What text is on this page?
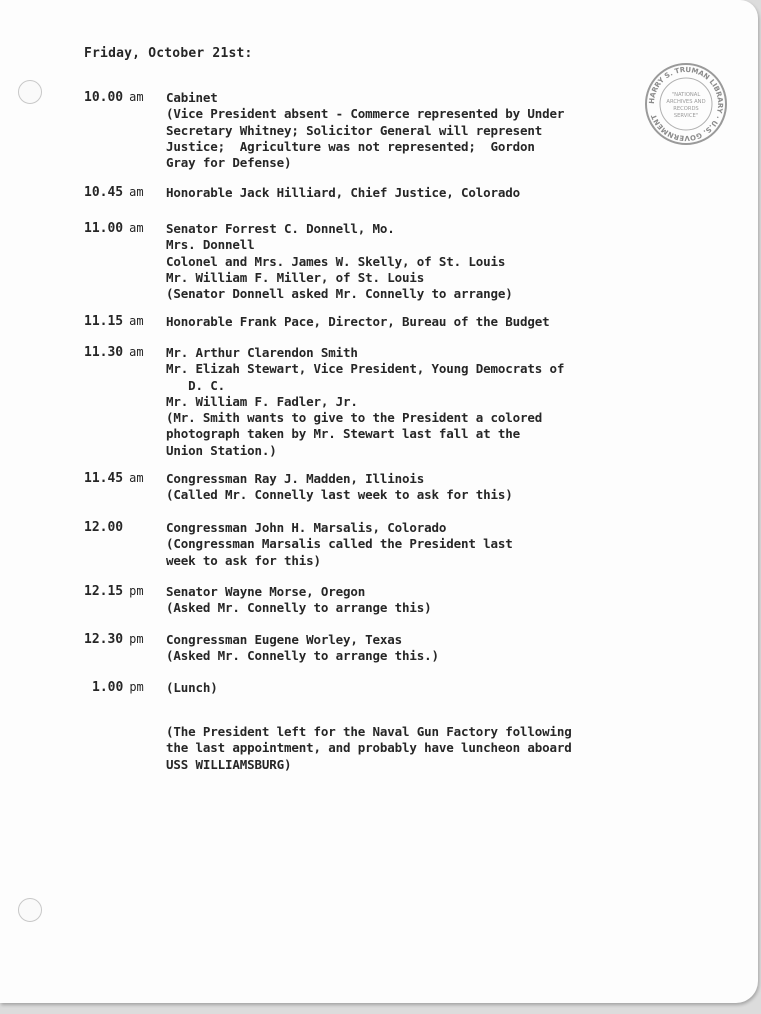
Friday, October 21st:
HARRY S. TRUMAN LIBRARY · U.S. GOVERNMENT
"NATIONAL
ARCHIVES AND
RECORDS
SERVICE"
10.00 am	Cabinet
(Vice President absent - Commerce represented by Under
Secretary Whitney; Solicitor General will represent
Justice;  Agriculture was not represented;  Gordon
Gray for Defense)
10.45 am	Honorable Jack Hilliard, Chief Justice, Colorado
11.00 am	Senator Forrest C. Donnell, Mo.
Mrs. Donnell
Colonel and Mrs. James W. Skelly, of St. Louis
Mr. William F. Miller, of St. Louis
(Senator Donnell asked Mr. Connelly to arrange)
11.15 am	Honorable Frank Pace, Director, Bureau of the Budget
11.30 am	Mr. Arthur Clarendon Smith
Mr. Elizah Stewart, Vice President, Young Democrats of
D. C.
Mr. William F. Fadler, Jr.
(Mr. Smith wants to give to the President a colored
photograph taken by Mr. Stewart last fall at the
Union Station.)
11.45 am	Congressman Ray J. Madden, Illinois
(Called Mr. Connelly last week to ask for this)
12.00	Congressman John H. Marsalis, Colorado
(Congressman Marsalis called the President last
week to ask for this)
12.15 pm	Senator Wayne Morse, Oregon
(Asked Mr. Connelly to arrange this)
12.30 pm	Congressman Eugene Worley, Texas
(Asked Mr. Connelly to arrange this.)
1.00 pm	(Lunch)
(The President left for the Naval Gun Factory following
the last appointment, and probably have luncheon aboard
USS WILLIAMSBURG)
